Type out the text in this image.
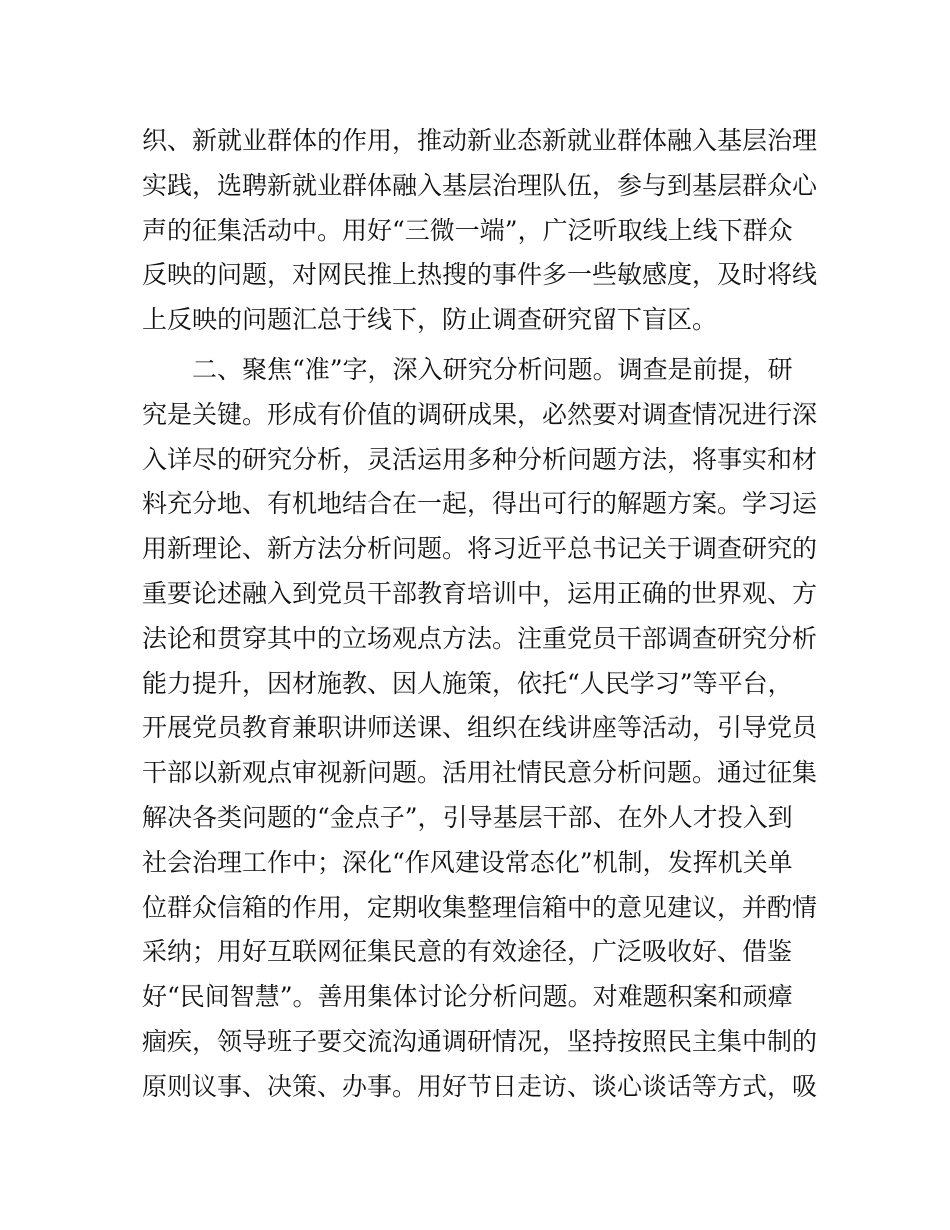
织、新就业群体的作用，推动新业态新就业群体融入基层治理
实践，选聘新就业群体融入基层治理队伍，参与到基层群众心
声的征集活动中。用好“三微一端”，广泛听取线上线下群众
反映的问题，对网民推上热搜的事件多一些敏感度，及时将线
上反映的问题汇总于线下，防止调查研究留下盲区。

　　二、聚焦“准”字，深入研究分析问题。调查是前提，研
究是关键。形成有价值的调研成果，必然要对调查情况进行深
入详尽的研究分析，灵活运用多种分析问题方法，将事实和材
料充分地、有机地结合在一起，得出可行的解题方案。学习运
用新理论、新方法分析问题。将习近平总书记关于调查研究的
重要论述融入到党员干部教育培训中，运用正确的世界观、方
法论和贯穿其中的立场观点方法。注重党员干部调查研究分析
能力提升，因材施教、因人施策，依托“人民学习”等平台，
开展党员教育兼职讲师送课、组织在线讲座等活动，引导党员
干部以新观点审视新问题。活用社情民意分析问题。通过征集
解决各类问题的“金点子”，引导基层干部、在外人才投入到
社会治理工作中；深化“作风建设常态化”机制，发挥机关单
位群众信箱的作用，定期收集整理信箱中的意见建议，并酌情
采纳；用好互联网征集民意的有效途径，广泛吸收好、借鉴
好“民间智慧”。善用集体讨论分析问题。对难题积案和顽瘴
痼疾，领导班子要交流沟通调研情况，坚持按照民主集中制的
原则议事、决策、办事。用好节日走访、谈心谈话等方式，吸
